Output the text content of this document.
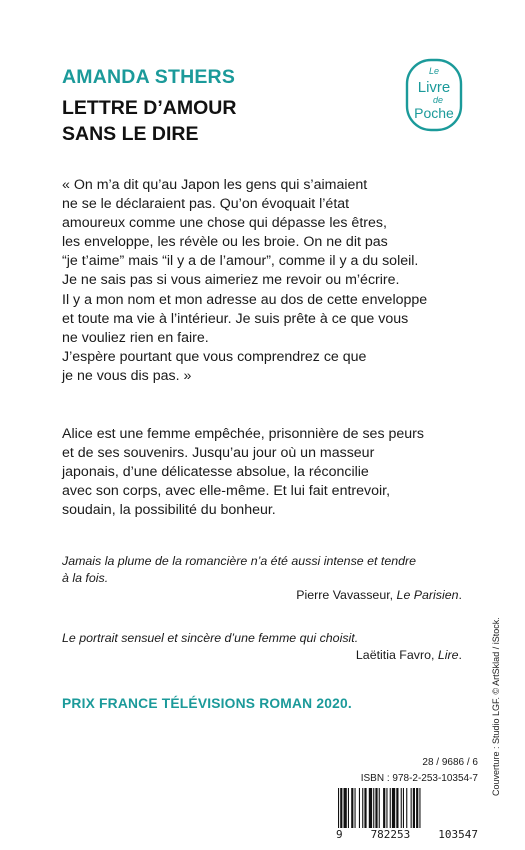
AMANDA STHERS
LETTRE D’AMOUR
SANS LE DIRE
Le
Livre
de
Poche
« On m’a dit qu’au Japon les gens qui s’aimaient
ne se le déclaraient pas. Qu’on évoquait l’état
amoureux comme une chose qui dépasse les êtres,
les enveloppe, les révèle ou les broie. On ne dit pas
“je t’aime” mais “il y a de l’amour”, comme il y a du soleil.
Je ne sais pas si vous aimeriez me revoir ou m’écrire.
Il y a mon nom et mon adresse au dos de cette enveloppe
et toute ma vie à l’intérieur. Je suis prête à ce que vous
ne vouliez rien en faire.
J’espère pourtant que vous comprendrez ce que
je ne vous dis pas. »
Alice est une femme empêchée, prisonnière de ses peurs
et de ses souvenirs. Jusqu’au jour où un masseur
japonais, d’une délicatesse absolue, la réconcilie
avec son corps, avec elle-même. Et lui fait entrevoir,
soudain, la possibilité du bonheur.
Jamais la plume de la romancière n’a été aussi intense et tendre
à la fois.
Pierre Vavasseur, Le Parisien.
Le portrait sensuel et sincère d’une femme qui choisit.
Laëtitia Favro, Lire.
PRIX FRANCE TÉLÉVISIONS ROMAN 2020.
28 / 9686 / 6
ISBN : 978-2-253-10354-7
9	782253	103547
Couverture : Studio LGF. © ArtSklad / iStock.
